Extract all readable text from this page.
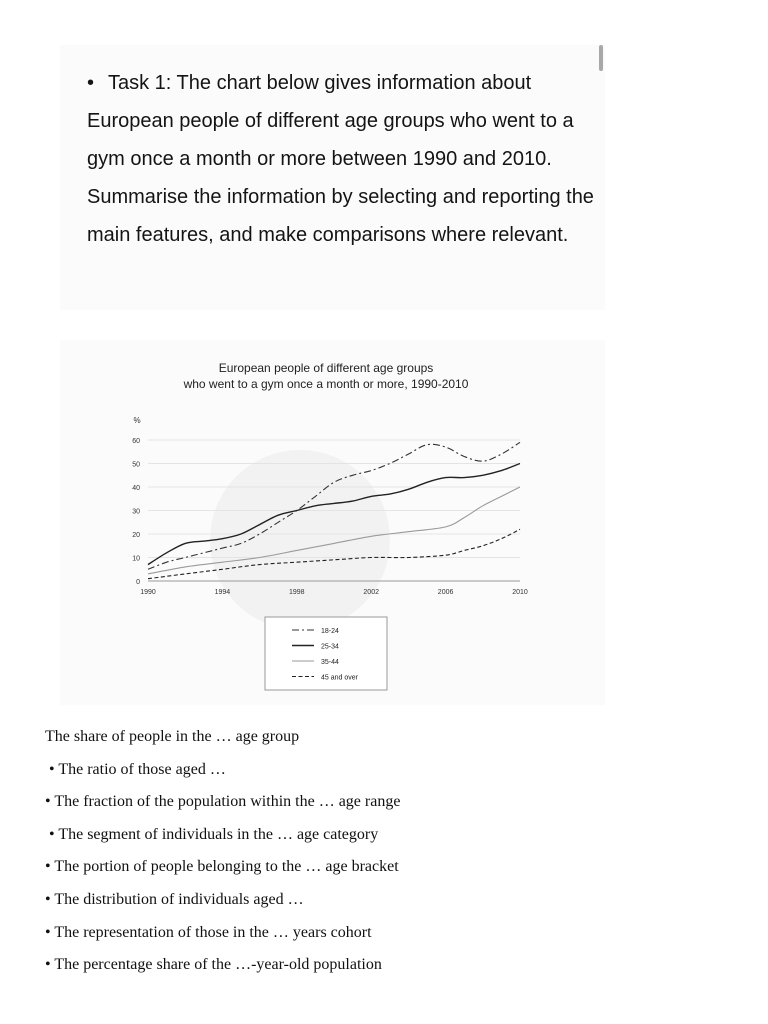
• Task 1: The chart below gives information about European people of different age groups who went to a gym once a month or more between 1990 and 2010. Summarise the information by selecting and reporting the main features, and make comparisons where relevant.
European people of different age groups
who went to a gym once a month or more, 1990-2010
%
0
10
20
30
40
50
60
1990	1994	1998	2002	2006	2010
18-24
25-34
35-44
45 and over
The share of people in the … age group
• The ratio of those aged …
• The fraction of the population within the … age range
• The segment of individuals in the … age category
• The portion of people belonging to the … age bracket
• The distribution of individuals aged …
• The representation of those in the … years cohort
• The percentage share of the …-year-old population
